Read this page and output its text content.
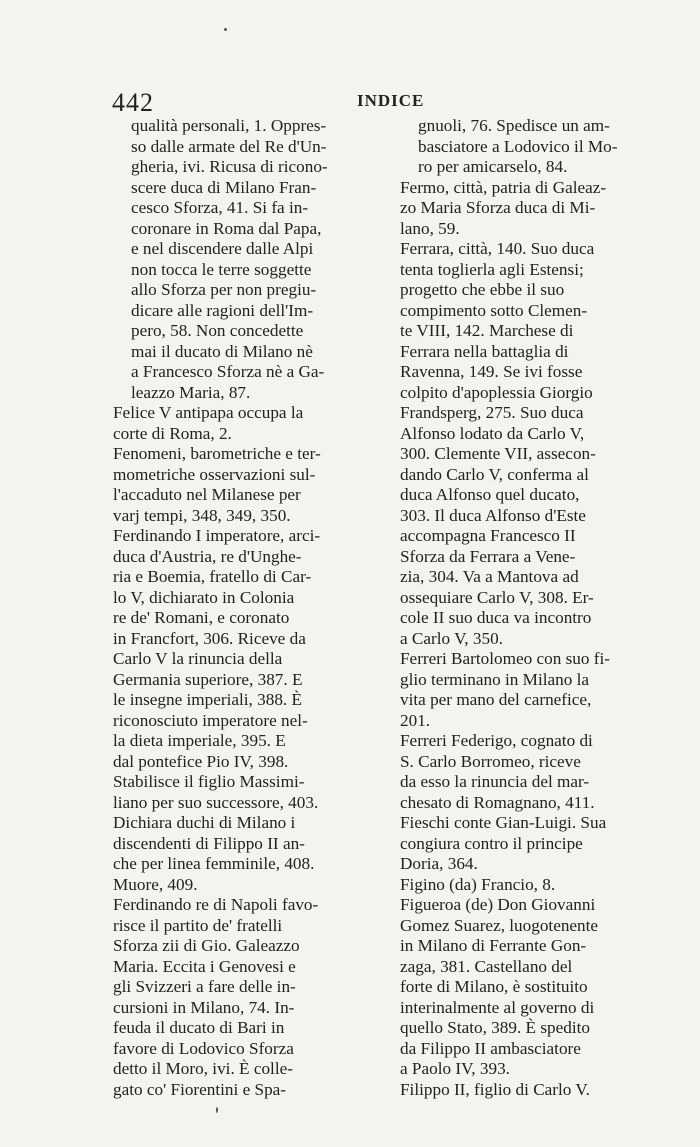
442	INDICE
qualità personali, 1. Oppres-
so dalle armate del Re d'Un-
gheria, ivi. Ricusa di ricono-
scere duca di Milano Fran-
cesco Sforza, 41. Si fa in-
coronare in Roma dal Papa,
e nel discendere dalle Alpi
non tocca le terre soggette
allo Sforza per non pregiu-
dicare alle ragioni dell'Im-
pero, 58. Non concedette
mai il ducato di Milano nè
a Francesco Sforza nè a Ga-
leazzo Maria, 87.
Felice V antipapa occupa la
corte di Roma, 2.
Fenomeni, barometriche e ter-
mometriche osservazioni sul-
l'accaduto nel Milanese per
varj tempi, 348, 349, 350.
Ferdinando I imperatore, arci-
duca d'Austria, re d'Unghe-
ria e Boemia, fratello di Car-
lo V, dichiarato in Colonia
re de' Romani, e coronato
in Francfort, 306. Riceve da
Carlo V la rinuncia della
Germania superiore, 387. E
le insegne imperiali, 388. È
riconosciuto imperatore nel-
la dieta imperiale, 395. E
dal pontefice Pio IV, 398.
Stabilisce il figlio Massimi-
liano per suo successore, 403.
Dichiara duchi di Milano i
discendenti di Filippo II an-
che per linea femminile, 408.
Muore, 409.
Ferdinando re di Napoli favo-
risce il partito de' fratelli
Sforza zii di Gio. Galeazzo
Maria. Eccita i Genovesi e
gli Svizzeri a fare delle in-
cursioni in Milano, 74. In-
feuda il ducato di Bari in
favore di Lodovico Sforza
detto il Moro, ivi. È colle-
gato co' Fiorentini e Spa-
gnuoli, 76. Spedisce un am-
basciatore a Lodovico il Mo-
ro per amicarselo, 84.
Fermo, città, patria di Galeaz-
zo Maria Sforza duca di Mi-
lano, 59.
Ferrara, città, 140. Suo duca
tenta toglierla agli Estensi;
progetto che ebbe il suo
compimento sotto Clemen-
te VIII, 142. Marchese di
Ferrara nella battaglia di
Ravenna, 149. Se ivi fosse
colpito d'apoplessia Giorgio
Frandsperg, 275. Suo duca
Alfonso lodato da Carlo V,
300. Clemente VII, assecon-
dando Carlo V, conferma al
duca Alfonso quel ducato,
303. Il duca Alfonso d'Este
accompagna Francesco II
Sforza da Ferrara a Vene-
zia, 304. Va a Mantova ad
ossequiare Carlo V, 308. Er-
cole II suo duca va incontro
a Carlo V, 350.
Ferreri Bartolomeo con suo fi-
glio terminano in Milano la
vita per mano del carnefice,
201.
Ferreri Federigo, cognato di
S. Carlo Borromeo, riceve
da esso la rinuncia del mar-
chesato di Romagnano, 411.
Fieschi conte Gian-Luigi. Sua
congiura contro il principe
Doria, 364.
Figino (da) Francio, 8.
Figueroa (de) Don Giovanni
Gomez Suarez, luogotenente
in Milano di Ferrante Gon-
zaga, 381. Castellano del
forte di Milano, è sostituito
interinalmente al governo di
quello Stato, 389. È spedito
da Filippo II ambasciatore
a Paolo IV, 393.
Filippo II, figlio di Carlo V.
